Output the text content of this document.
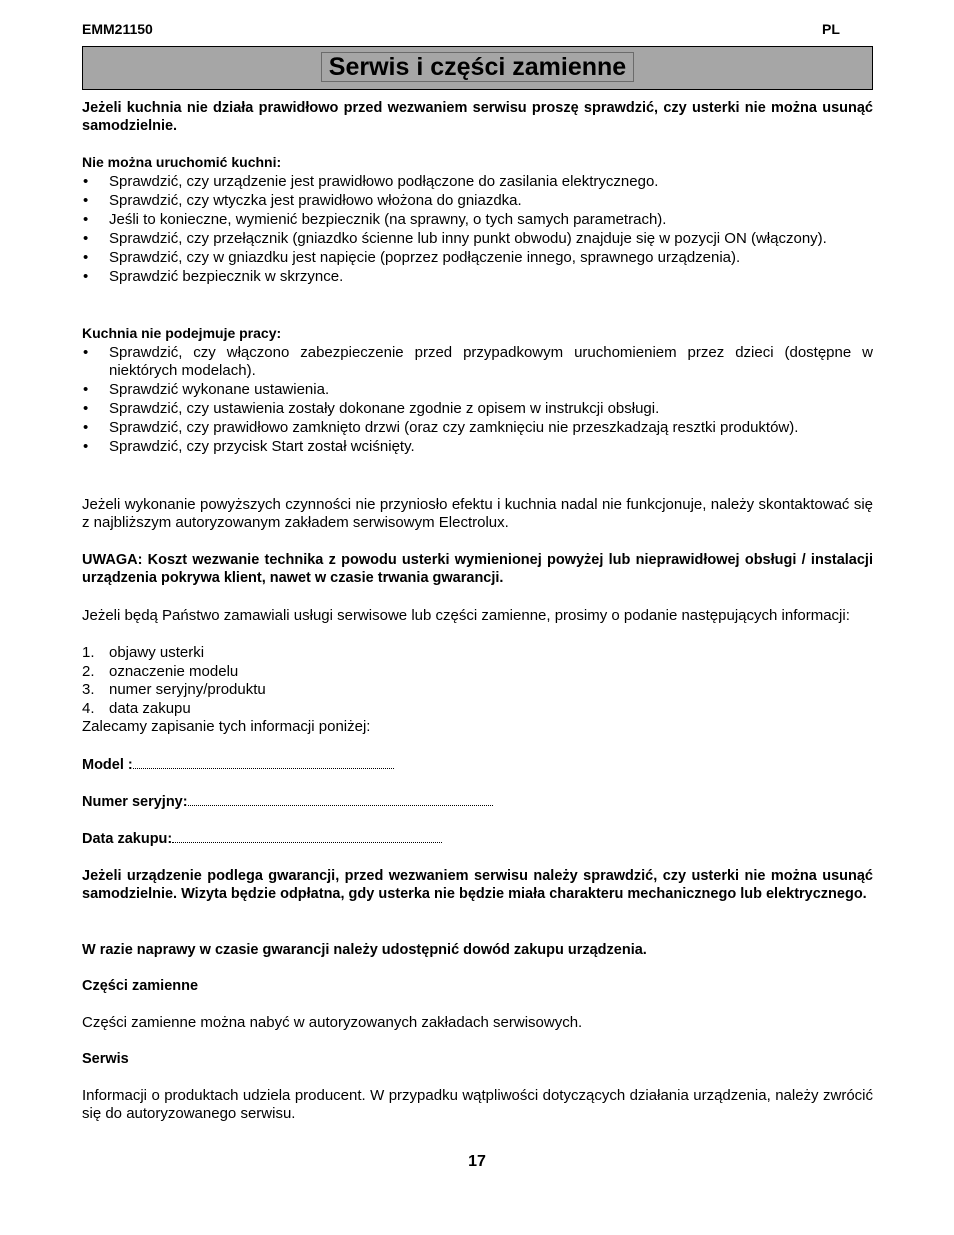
EMM21150	PL
Serwis i części zamienne
Jeżeli kuchnia nie działa prawidłowo przed wezwaniem serwisu proszę sprawdzić, czy usterki nie można usunąć samodzielnie.
Nie można uruchomić kuchni:
• Sprawdzić, czy urządzenie jest prawidłowo podłączone do zasilania elektrycznego.
• Sprawdzić, czy wtyczka jest prawidłowo włożona do gniazdka.
• Jeśli to konieczne, wymienić bezpiecznik (na sprawny, o tych samych parametrach).
• Sprawdzić, czy przełącznik (gniazdko ścienne lub inny punkt obwodu) znajduje się w pozycji ON (włączony).
• Sprawdzić, czy w gniazdku jest napięcie (poprzez podłączenie innego, sprawnego urządzenia).
• Sprawdzić bezpiecznik w skrzynce.
Kuchnia nie podejmuje pracy:
• Sprawdzić, czy włączono zabezpieczenie przed przypadkowym uruchomieniem przez dzieci (dostępne w niektórych modelach).
• Sprawdzić wykonane ustawienia.
• Sprawdzić, czy ustawienia zostały dokonane zgodnie z opisem w instrukcji obsługi.
• Sprawdzić, czy prawidłowo zamknięto drzwi (oraz czy zamknięciu nie przeszkadzają resztki produktów).
• Sprawdzić, czy przycisk Start został wciśnięty.
Jeżeli wykonanie powyższych czynności nie przyniosło efektu i kuchnia nadal nie funkcjonuje, należy skontaktować się z najbliższym autoryzowanym zakładem serwisowym Electrolux.
UWAGA: Koszt wezwanie technika z powodu usterki wymienionej powyżej lub nieprawidłowej obsługi / instalacji urządzenia pokrywa klient, nawet w czasie trwania gwarancji.
Jeżeli będą Państwo zamawiali usługi serwisowe lub części zamienne, prosimy o podanie następujących informacji:
1. objawy usterki
2. oznaczenie modelu
3. numer seryjny/produktu
4. data zakupu
Zalecamy zapisanie tych informacji poniżej:
Model :
Numer seryjny:
Data zakupu:
Jeżeli urządzenie podlega gwarancji, przed wezwaniem serwisu należy sprawdzić, czy usterki nie można usunąć samodzielnie. Wizyta będzie odpłatna, gdy usterka nie będzie miała charakteru mechanicznego lub elektrycznego.
W razie naprawy w czasie gwarancji należy udostępnić dowód zakupu urządzenia.
Części zamienne
Części zamienne można nabyć w autoryzowanych zakładach serwisowych.
Serwis
Informacji o produktach udziela producent. W przypadku wątpliwości dotyczących działania urządzenia, należy zwrócić się do autoryzowanego serwisu.
17
